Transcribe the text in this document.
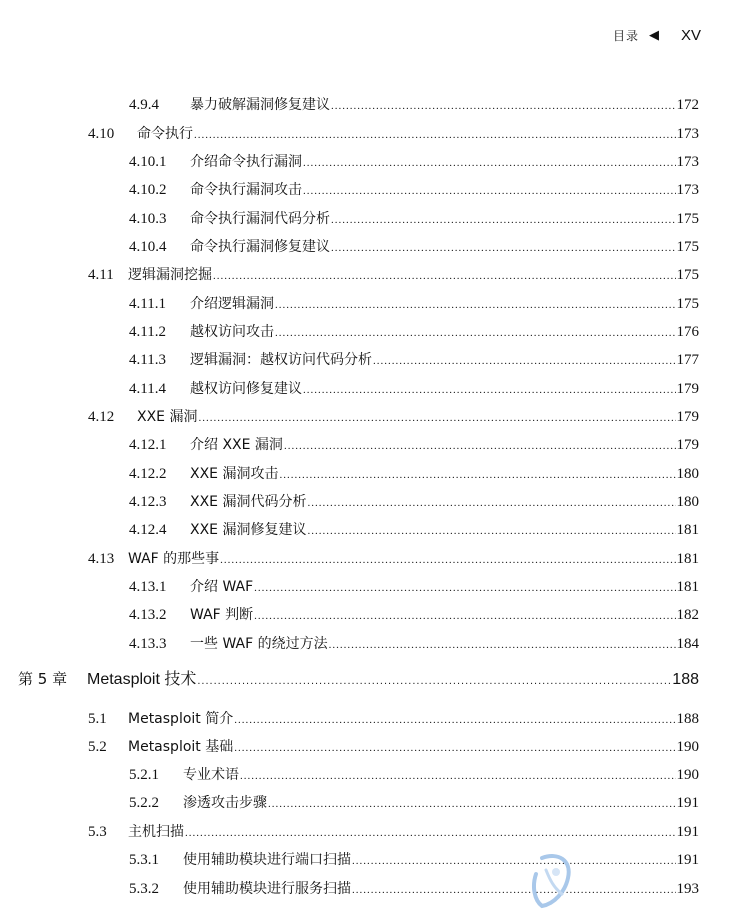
目录 ◀ XV
4.9.4	暴力破解漏洞修复建议 .....	172
4.10	命令执行 .....	173
4.10.1	介绍命令执行漏洞 .....	173
4.10.2	命令执行漏洞攻击 .....	173
4.10.3	命令执行漏洞代码分析 .....	175
4.10.4	命令执行漏洞修复建议 .....	175
4.11	逻辑漏洞挖掘 .....	175
4.11.1	介绍逻辑漏洞 .....	175
4.11.2	越权访问攻击 .....	176
4.11.3	逻辑漏洞：越权访问代码分析 .....	177
4.11.4	越权访问修复建议 .....	179
4.12	XXE 漏洞 .....	179
4.12.1	介绍 XXE 漏洞 .....	179
4.12.2	XXE 漏洞攻击 .....	180
4.12.3	XXE 漏洞代码分析 .....	180
4.12.4	XXE 漏洞修复建议 .....	181
4.13 WAF 的那些事 .....	181
4.13.1	介绍 WAF .....	181
4.13.2	WAF 判断 .....	182
4.13.3	一些 WAF 的绕过方法 .....	184
第 5 章	Metasploit 技术 .....	188
5.1	Metasploit 简介 .....	188
5.2	Metasploit 基础 .....	190
5.2.1	专业术语 .....	190
5.2.2	渗透攻击步骤 .....	191
5.3	主机扫描 .....	191
5.3.1	使用辅助模块进行端口扫描 .....	191
5.3.2	使用辅助模块进行服务扫描 .....	193
